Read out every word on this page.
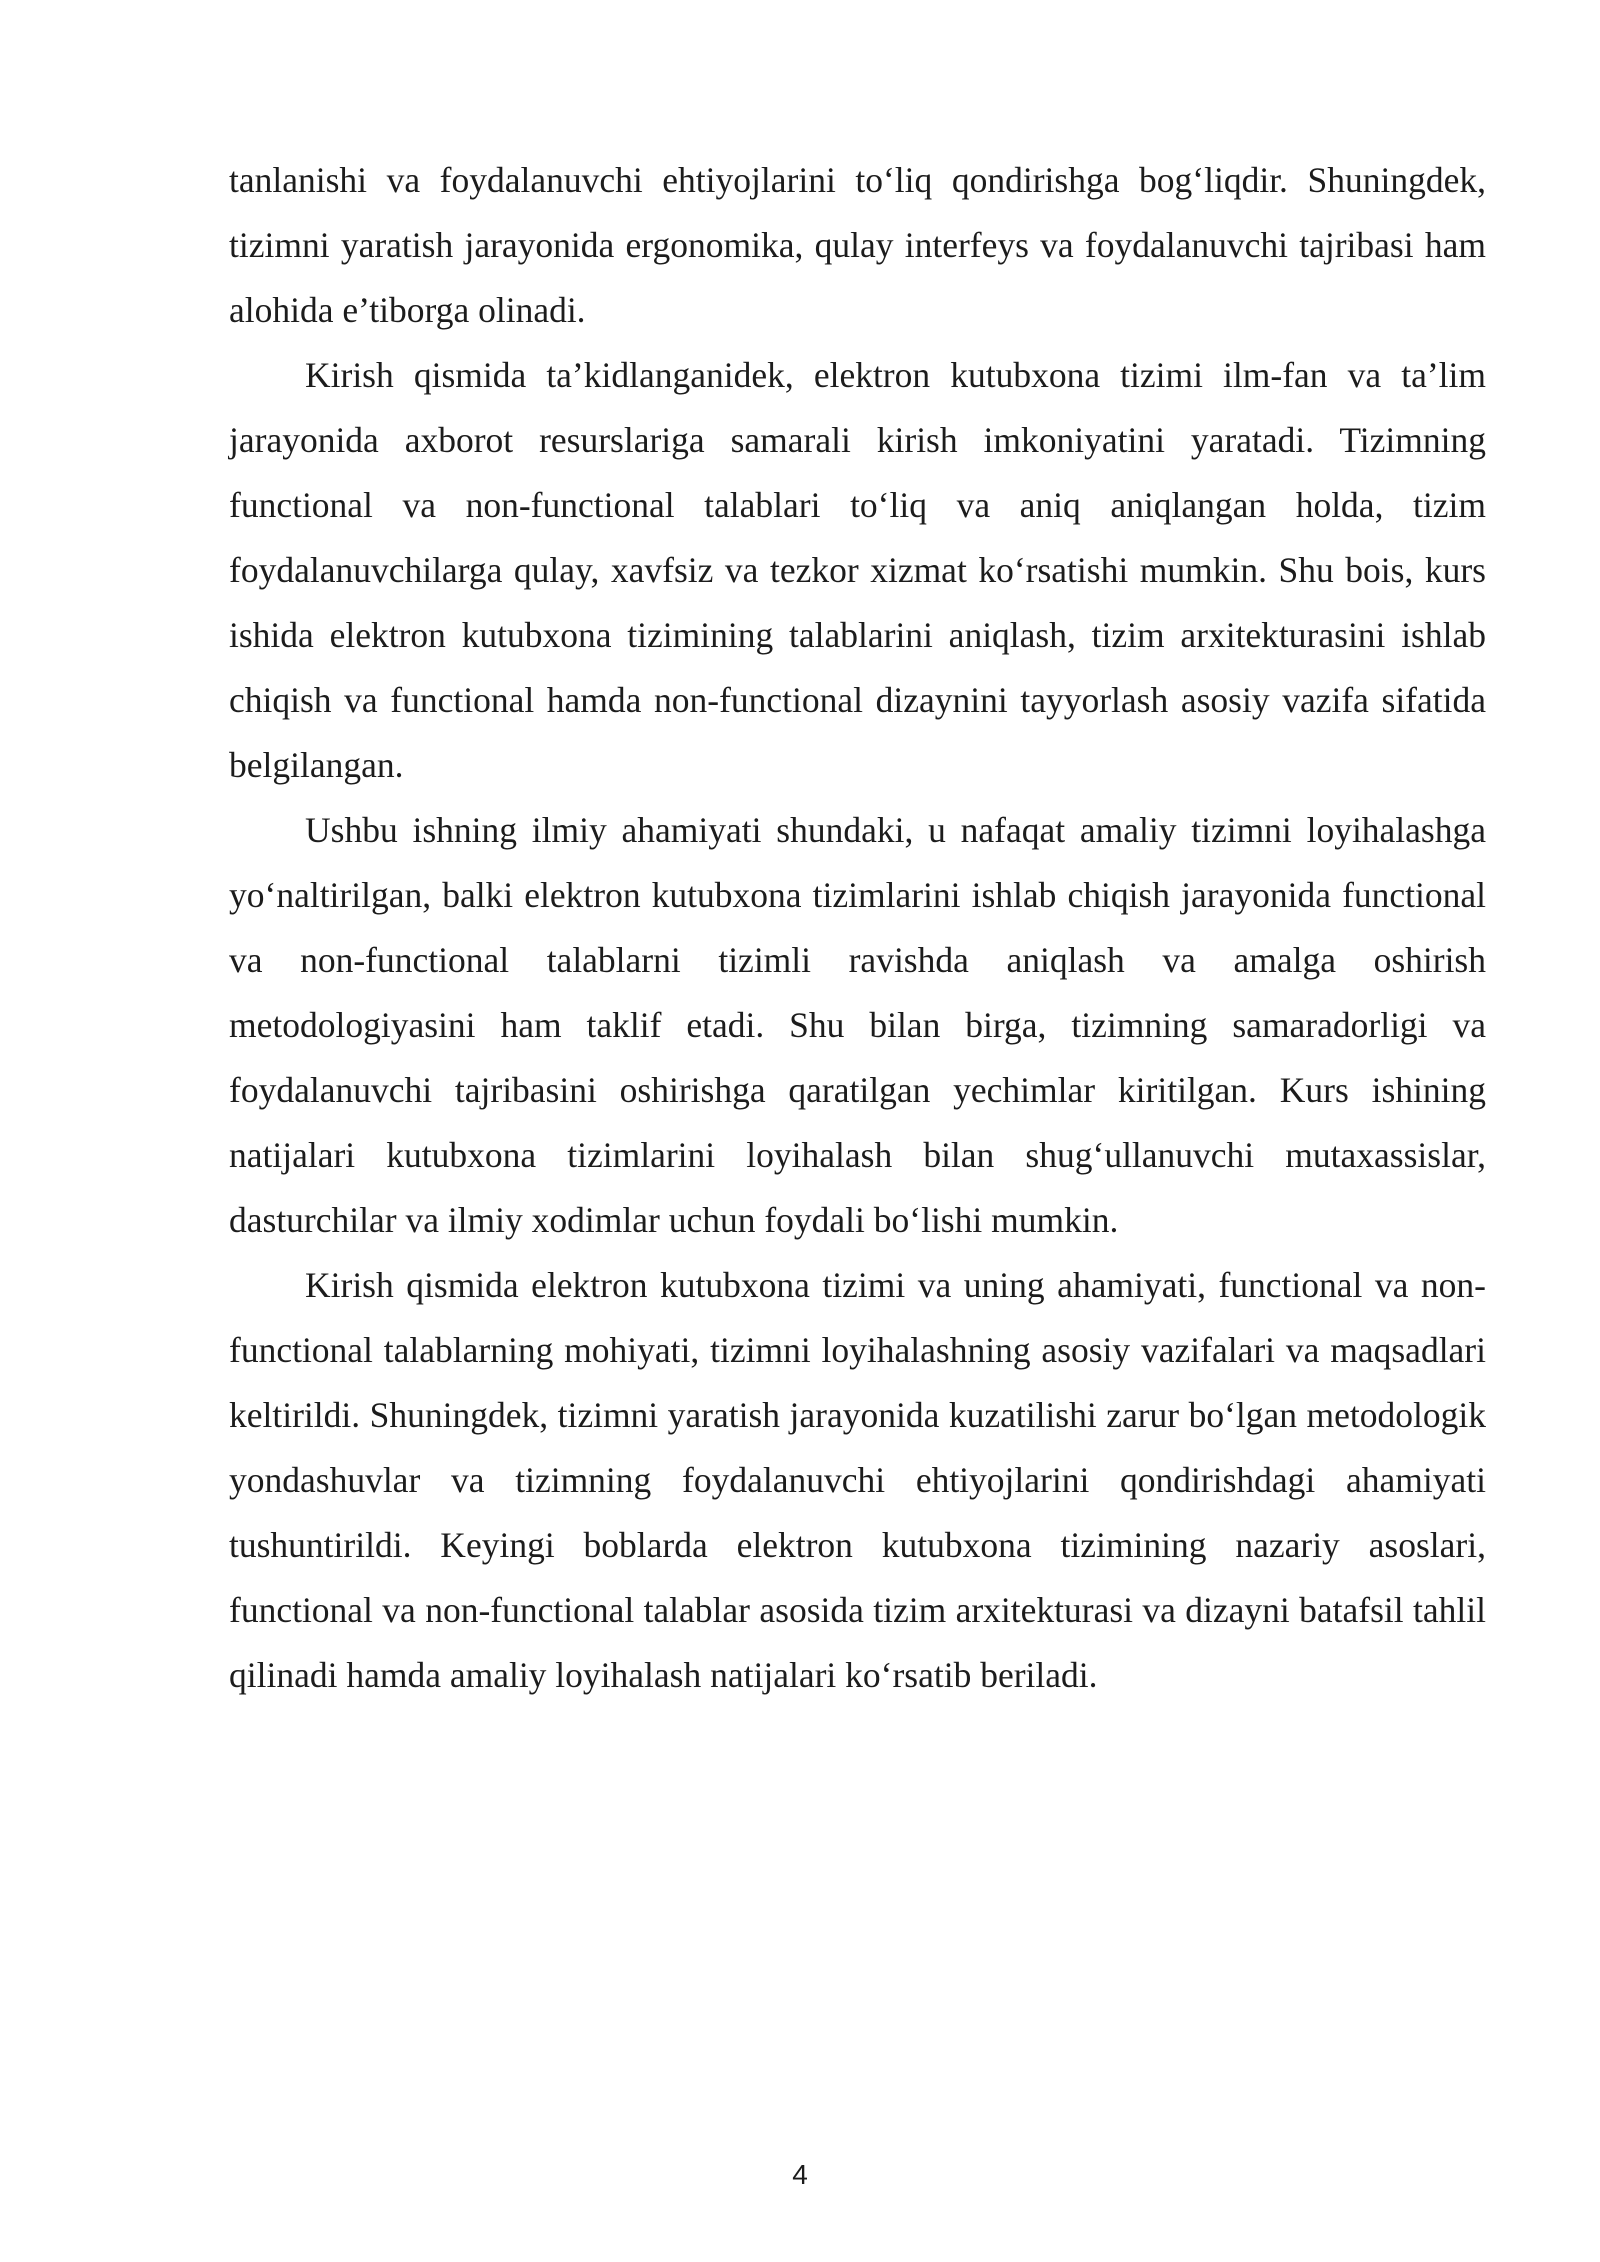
tanlanishi va foydalanuvchi ehtiyojlarini to‘liq qondirishga bog‘liqdir. Shuningdek, tizimni yaratish jarayonida ergonomika, qulay interfeys va foydalanuvchi tajribasi ham alohida e’tiborga olinadi.

Kirish qismida ta’kidlanganidek, elektron kutubxona tizimi ilm-fan va ta’lim jarayonida axborot resurslariga samarali kirish imkoniyatini yaratadi. Tizimning functional va non-functional talablari to‘liq va aniq aniqlangan holda, tizim foydalanuvchilarga qulay, xavfsiz va tezkor xizmat ko‘rsatishi mumkin. Shu bois, kurs ishida elektron kutubxona tizimining talablarini aniqlash, tizim arxitekturasini ishlab chiqish va functional hamda non-functional dizaynini tayyorlash asosiy vazifa sifatida belgilangan.

Ushbu ishning ilmiy ahamiyati shundaki, u nafaqat amaliy tizimni loyihalashga yo‘naltirilgan, balki elektron kutubxona tizimlarini ishlab chiqish jarayonida functional va non-functional talablarni tizimli ravishda aniqlash va amalga oshirish metodologiyasini ham taklif etadi. Shu bilan birga, tizimning samaradorligi va foydalanuvchi tajribasini oshirishga qaratilgan yechimlar kiritilgan. Kurs ishining natijalari kutubxona tizimlarini loyihalash bilan shug‘ullanuvchi mutaxassislar, dasturchilar va ilmiy xodimlar uchun foydali bo‘lishi mumkin.

Kirish qismida elektron kutubxona tizimi va uning ahamiyati, functional va non-functional talablarning mohiyati, tizimni loyihalashning asosiy vazifalari va maqsadlari keltirildi. Shuningdek, tizimni yaratish jarayonida kuzatilishi zarur bo‘lgan metodologik yondashuvlar va tizimning foydalanuvchi ehtiyojlarini qondirishdagi ahamiyati tushuntirildi. Keyingi boblarda elektron kutubxona tizimining nazariy asoslari, functional va non-functional talablar asosida tizim arxitekturasi va dizayni batafsil tahlil qilinadi hamda amaliy loyihalash natijalari ko‘rsatib beriladi.

4
